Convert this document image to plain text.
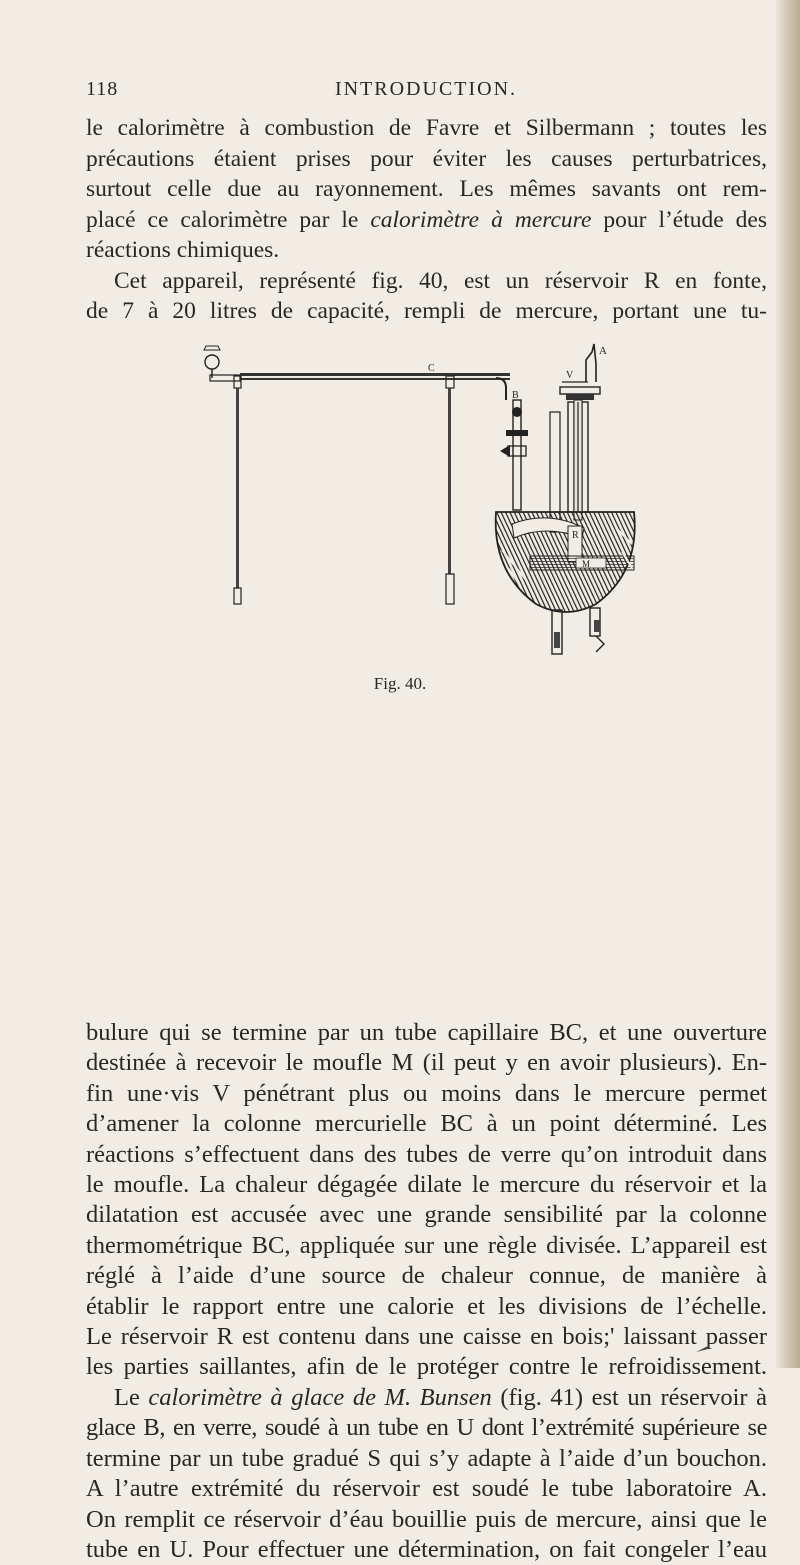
118	INTRODUCTION.

le calorimètre à combustion de Favre et Silbermann ; toutes les
précautions étaient prises pour éviter les causes perturbatrices,
surtout celle due au rayonnement. Les mêmes savants ont rem-
placé ce calorimètre par le calorimètre à mercure pour l’étude des
réactions chimiques.
Cet appareil, représenté fig. 40, est un réservoir R en fonte,
de 7 à 20 litres de capacité, rempli de mercure, portant une tu-

C
B
V
A
R
M
Fig. 40.

bulure qui se termine par un tube capillaire BC, et une ouverture
destinée à recevoir le moufle M (il peut y en avoir plusieurs). En-
fin une·vis V pénétrant plus ou moins dans le mercure permet
d’amener la colonne mercurielle BC à un point déterminé. Les
réactions s’effectuent dans des tubes de verre qu’on introduit dans
le moufle. La chaleur dégagée dilate le mercure du réservoir et la
dilatation est accusée avec une grande sensibilité par la colonne
thermométrique BC, appliquée sur une règle divisée. L’appareil est
réglé à l’aide d’une source de chaleur connue, de manière à
établir le rapport entre une calorie et les divisions de l’échelle.
Le réservoir R est contenu dans une caisse en bois;' laissant passer
les parties saillantes, afin de le protéger contre le refroidissement.
Le calorimètre à glace de M. Bunsen (fig. 41) est un réservoir à
glace B, en verre, soudé à un tube en U dont l’extrémité supérieure se
termine par un tube gradué S qui s’y adapte à l’aide d’un bouchon.
A l’autre extrémité du réservoir est soudé le tube laboratoire A.
On remplit ce réservoir d’éau bouillie puis de mercure, ainsi que le
tube en U. Pour effectuer une détermination, on fait congeler l’eau
